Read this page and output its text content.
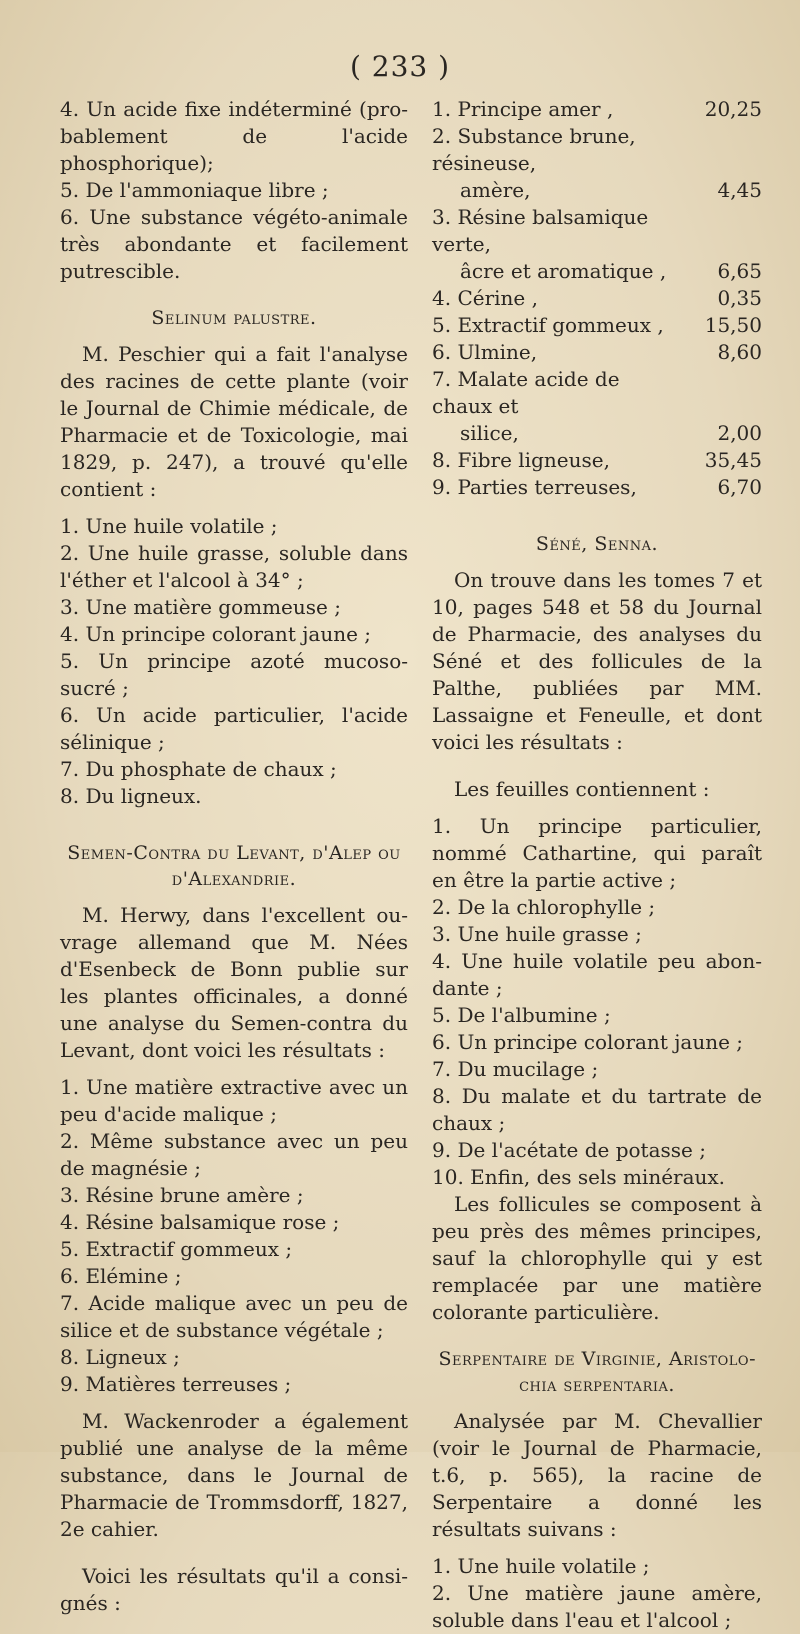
( 233 )

4. Un acide fixe indéterminé (probablement de l'acide phosphorique);

5. De l'ammoniaque libre ;

6. Une substance végéto-animale très abondante et facilement putrescible.

Selinum palustre.

M. Peschier qui a fait l'analyse des racines de cette plante (voir le Journal de Chimie médicale, de Pharmacie et de Toxicologie, mai 1829, p. 247), a trouvé qu'elle contient :

1. Une huile volatile ;

2. Une huile grasse, soluble dans l'éther et l'alcool à 34° ;

3. Une matière gommeuse ;

4. Un principe colorant jaune ;

5. Un principe azoté mucoso-sucré ;

6. Un acide particulier, l'acide sélinique ;

7. Du phosphate de chaux ;

8. Du ligneux.

Semen-Contra du Levant, d'Alep ou

d'Alexandrie.

M. Herwy, dans l'excellent ouvrage allemand que M. Nées d'Esenbeck de Bonn publie sur les plantes officinales, a donné une analyse du Semen-contra du Levant, dont voici les résultats :

1. Une matière extractive avec un peu d'acide malique ;

2. Même substance avec un peu de magnésie ;

3. Résine brune amère ;

4. Résine balsamique rose ;

5. Extractif gommeux ;

6. Elémine ;

7. Acide malique avec un peu de silice et de substance végétale ;

8. Ligneux ;

9. Matières terreuses ;

M. Wackenroder a également publié une analyse de la même substance, dans le Journal de Pharmacie de Trommsdorff, 1827, 2e cahier.

Voici les résultats qu'il a consignés :

1. Principe amer ,	20,25
2. Substance brune, résineuse,	
amère,	4,45
3. Résine balsamique verte,	
âcre et aromatique ,	6,65
4. Cérine ,	0,35
5. Extractif gommeux ,	15,50
6. Ulmine,	8,60
7. Malate acide de chaux et	
silice,	2,00
8. Fibre ligneuse,	35,45
9. Parties terreuses,	6,70

Séné, Senna.

On trouve dans les tomes 7 et 10, pages 548 et 58 du Journal de Pharmacie, des analyses du Séné et des follicules de la Palthe, publiées par MM. Lassaigne et Feneulle, et dont voici les résultats :

Les feuilles contiennent :

1. Un principe particulier, nommé Cathartine, qui paraît en être la partie active ;

2. De la chlorophylle ;

3. Une huile grasse ;

4. Une huile volatile peu abondante ;

5. De l'albumine ;

6. Un principe colorant jaune ;

7. Du mucilage ;

8. Du malate et du tartrate de chaux ;

9. De l'acétate de potasse ;

10. Enfin, des sels minéraux.

Les follicules se composent à peu près des mêmes principes, sauf la chlorophylle qui y est remplacée par une matière colorante particulière.

Serpentaire de Virginie, Aristolochia serpentaria.

Analysée par M. Chevallier (voir le Journal de Pharmacie, t.6, p. 565), la racine de Serpentaire a donné les résultats suivans :

1. Une huile volatile ;

2. Une matière jaune amère, soluble dans l'eau et l'alcool ;
